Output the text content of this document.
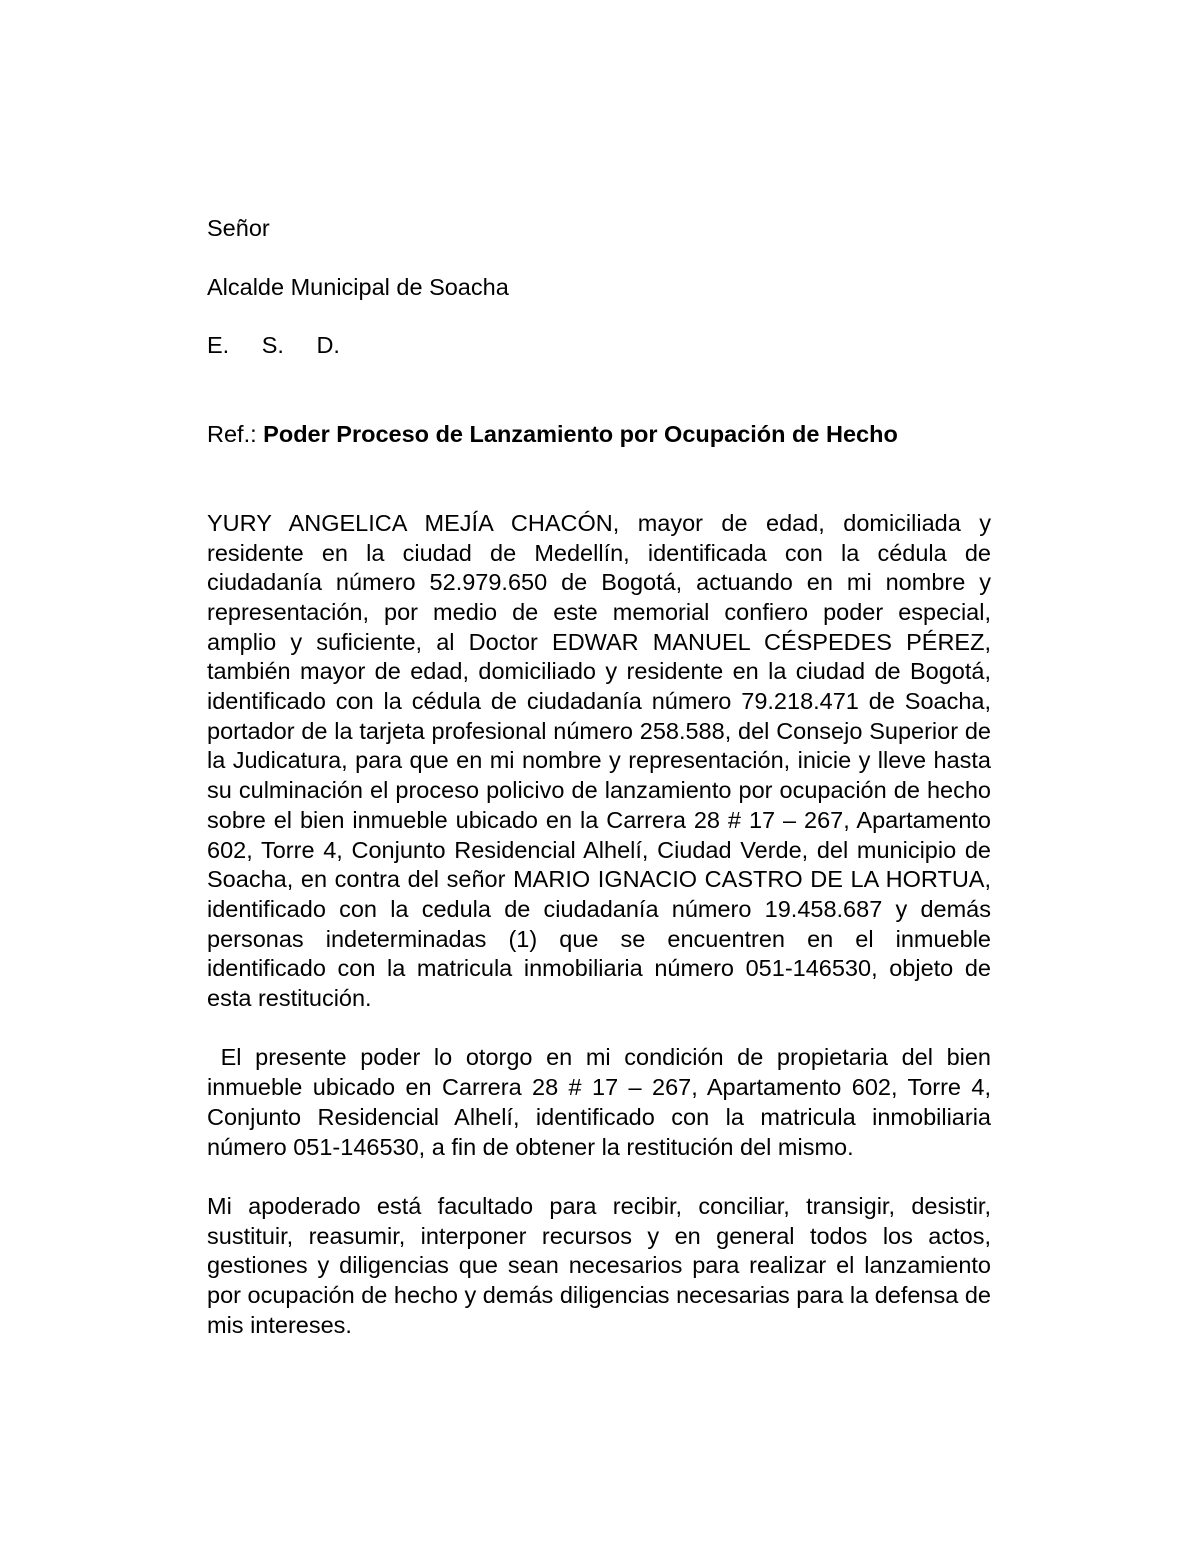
Señor

Alcalde Municipal de Soacha

E. S. D.

Ref.: Poder Proceso de Lanzamiento por Ocupación de Hecho

YURY ANGELICA MEJÍA CHACÓN, mayor de edad, domiciliada y residente en la ciudad de Medellín, identificada con la cédula de ciudadanía número 52.979.650 de Bogotá, actuando en mi nombre y representación, por medio de este memorial confiero poder especial, amplio y suficiente, al Doctor EDWAR MANUEL CÉSPEDES PÉREZ, también mayor de edad, domiciliado y residente en la ciudad de Bogotá, identificado con la cédula de ciudadanía número 79.218.471 de Soacha, portador de la tarjeta profesional número 258.588, del Consejo Superior de la Judicatura, para que en mi nombre y representación, inicie y lleve hasta su culminación el proceso policivo de lanzamiento por ocupación de hecho sobre el bien inmueble ubicado en la Carrera 28 # 17 – 267, Apartamento 602, Torre 4, Conjunto Residencial Alhelí, Ciudad Verde, del municipio de Soacha, en contra del señor MARIO IGNACIO CASTRO DE LA HORTUA, identificado con la cedula de ciudadanía número 19.458.687 y demás personas indeterminadas (1) que se encuentren en el inmueble identificado con la matricula inmobiliaria número 051-146530, objeto de esta restitución.

El presente poder lo otorgo en mi condición de propietaria del bien inmueble ubicado en Carrera 28 # 17 – 267, Apartamento 602, Torre 4, Conjunto Residencial Alhelí, identificado con la matricula inmobiliaria número 051-146530, a fin de obtener la restitución del mismo.

Mi apoderado está facultado para recibir, conciliar, transigir, desistir, sustituir, reasumir, interponer recursos y en general todos los actos, gestiones y diligencias que sean necesarios para realizar el lanzamiento por ocupación de hecho y demás diligencias necesarias para la defensa de mis intereses.
